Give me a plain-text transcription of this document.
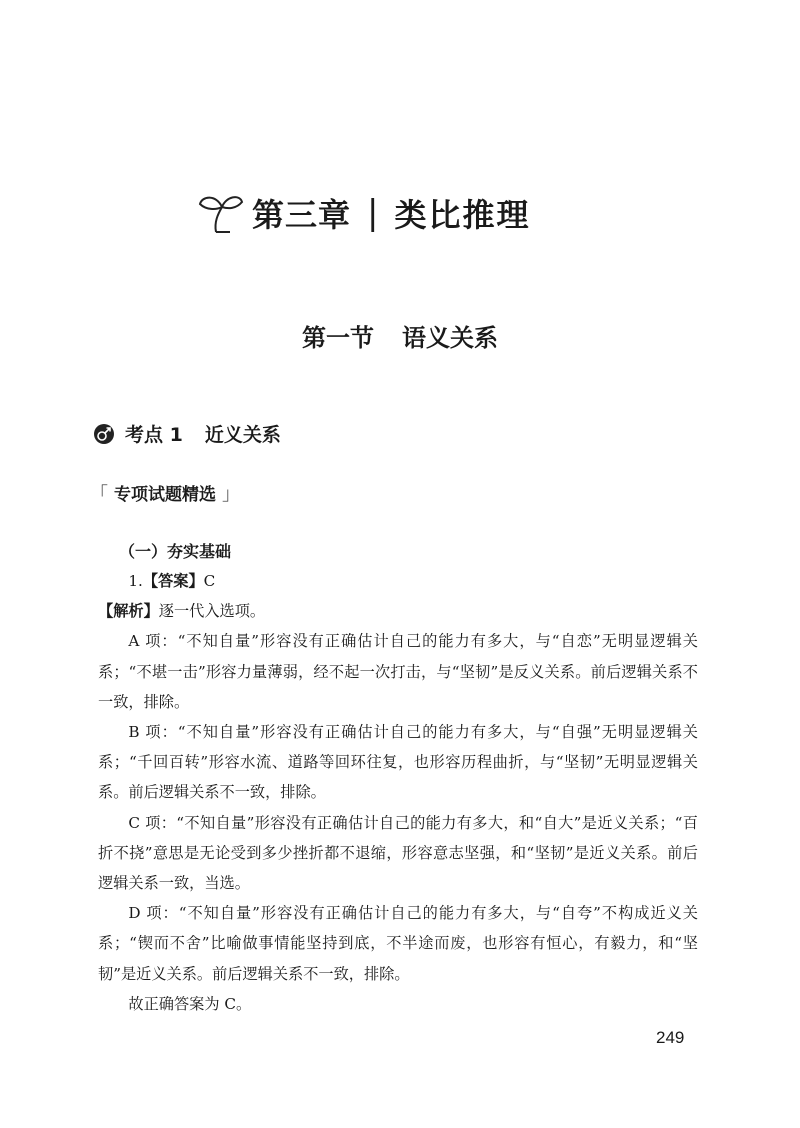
第三章 | 类比推理
第一节 语义关系
考点 1 近义关系
「 专项试题精选 」
（一）夯实基础

1.【答案】C

【解析】逐一代入选项。

A 项：“不知自量”形容没有正确估计自己的能力有多大，与“自恋”无明显逻辑关系；“不堪一击”形容力量薄弱，经不起一次打击，与“坚韧”是反义关系。前后逻辑关系不一致，排除。

B 项：“不知自量”形容没有正确估计自己的能力有多大，与“自强”无明显逻辑关系；“千回百转”形容水流、道路等回环往复，也形容历程曲折，与“坚韧”无明显逻辑关系。前后逻辑关系不一致，排除。

C 项：“不知自量”形容没有正确估计自己的能力有多大，和“自大”是近义关系；“百折不挠”意思是无论受到多少挫折都不退缩，形容意志坚强，和“坚韧”是近义关系。前后逻辑关系一致，当选。

D 项：“不知自量”形容没有正确估计自己的能力有多大，与“自夸”不构成近义关系；“锲而不舍”比喻做事情能坚持到底，不半途而废，也形容有恒心，有毅力，和“坚韧”是近义关系。前后逻辑关系不一致，排除。

故正确答案为 C。

249
